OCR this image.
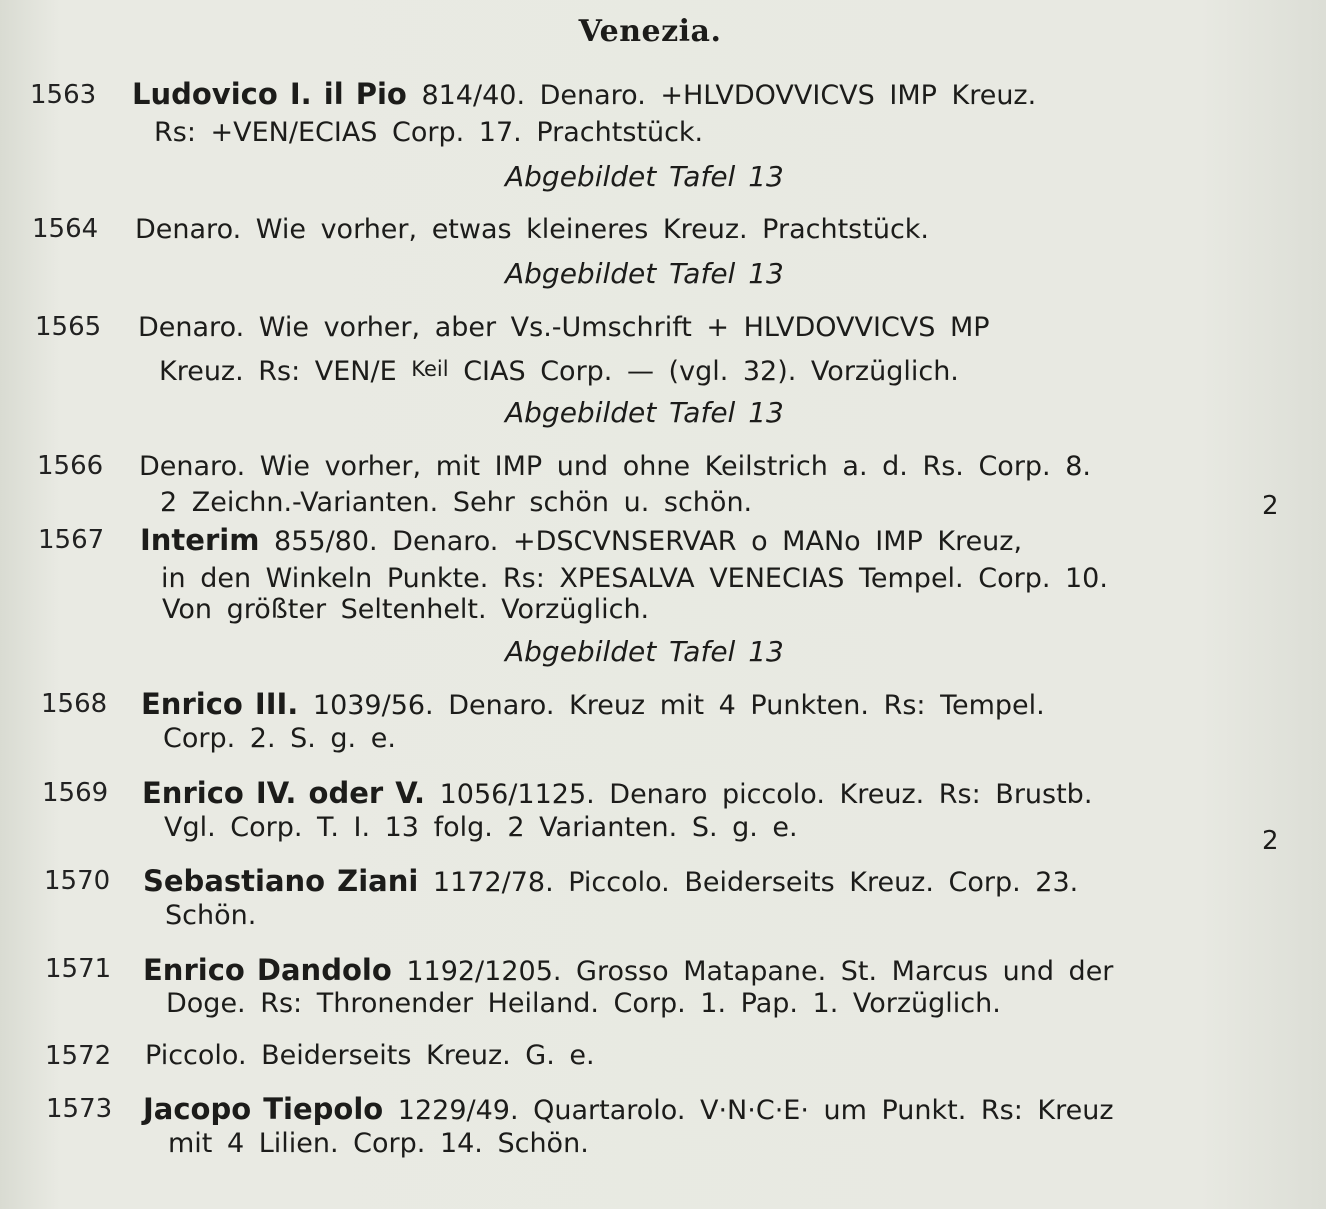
Venezia.
1563 Ludovico I. il Pio 814/40. Denaro. +HLVDOVVICVS IMP Kreuz.
Rs: +VEN/ECIAS Corp. 17. Prachtstück.
Abgebildet Tafel 13
1564 Denaro. Wie vorher, etwas kleineres Kreuz. Prachtstück.
Abgebildet Tafel 13
1565 Denaro. Wie vorher, aber Vs.-Umschrift + HLVDOVVICVS MP
Kreuz. Rs: VEN/E Keil CIAS Corp. — (vgl. 32). Vorzüglich.
Abgebildet Tafel 13
1566 Denaro. Wie vorher, mit IMP und ohne Keilstrich a. d. Rs. Corp. 8.
2 Zeichn.-Varianten. Sehr schön u. schön.	2
1567 Interim 855/80. Denaro. +DSCVNSERVAR o MANo IMP Kreuz,
in den Winkeln Punkte. Rs: XPESALVA VENECIAS Tempel. Corp. 10.
Von größter Seltenhelt. Vorzüglich.
Abgebildet Tafel 13
1568 Enrico III. 1039/56. Denaro. Kreuz mit 4 Punkten. Rs: Tempel.
Corp. 2. S. g. e.
1569 Enrico IV. oder V. 1056/1125. Denaro piccolo. Kreuz. Rs: Brustb.
Vgl. Corp. T. I. 13 folg. 2 Varianten. S. g. e.	2
1570 Sebastiano Ziani 1172/78. Piccolo. Beiderseits Kreuz. Corp. 23.
Schön.
1571 Enrico Dandolo 1192/1205. Grosso Matapane. St. Marcus und der
Doge. Rs: Thronender Heiland. Corp. 1. Pap. 1. Vorzüglich.
1572 Piccolo. Beiderseits Kreuz. G. e.
1573 Jacopo Tiepolo 1229/49. Quartarolo. V·N·C·E· um Punkt. Rs: Kreuz
mit 4 Lilien. Corp. 14. Schön.
